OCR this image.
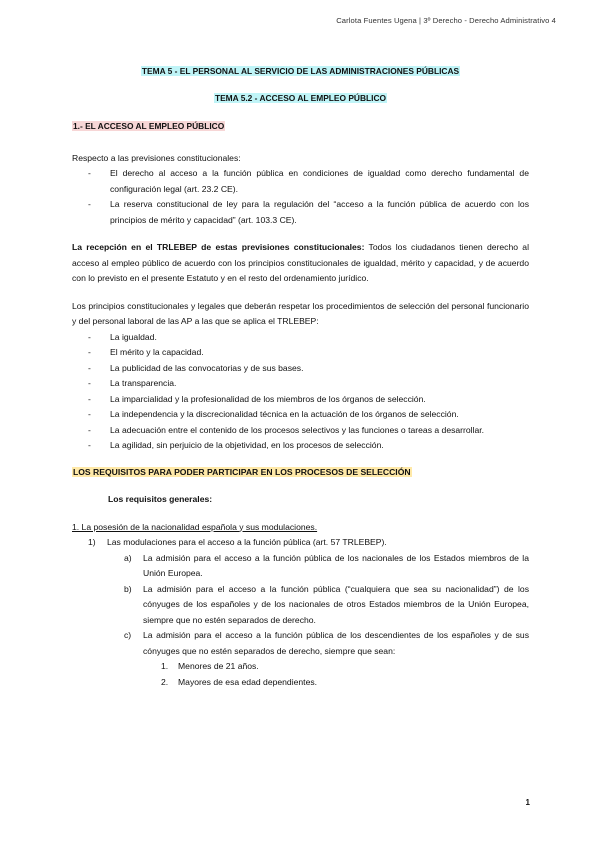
Carlota Fuentes Ugena | 3º Derecho - Derecho Administrativo 4
TEMA 5 - EL PERSONAL AL SERVICIO DE LAS ADMINISTRACIONES PÚBLICAS
TEMA 5.2 - ACCESO AL EMPLEO PÚBLICO
1.- EL ACCESO AL EMPLEO PÚBLICO

Respecto a las previsiones constitucionales:

- El derecho al acceso a la función pública en condiciones de igualdad como derecho fundamental de configuración legal (art. 23.2 CE).
- La reserva constitucional de ley para la regulación del “acceso a la función pública de acuerdo con los principios de mérito y capacidad” (art. 103.3 CE).

La recepción en el TRLEBEP de estas previsiones constitucionales: Todos los ciudadanos tienen derecho al acceso al empleo público de acuerdo con los principios constitucionales de igualdad, mérito y capacidad, y de acuerdo con lo previsto en el presente Estatuto y en el resto del ordenamiento jurídico.

Los principios constitucionales y legales que deberán respetar los procedimientos de selección del personal funcionario y del personal laboral de las AP a las que se aplica el TRLEBEP:

- La igualdad.
- El mérito y la capacidad.
- La publicidad de las convocatorias y de sus bases.
- La transparencia.
- La imparcialidad y la profesionalidad de los miembros de los órganos de selección.
- La independencia y la discrecionalidad técnica en la actuación de los órganos de selección.
- La adecuación entre el contenido de los procesos selectivos y las funciones o tareas a desarrollar.
- La agilidad, sin perjuicio de la objetividad, en los procesos de selección.
LOS REQUISITOS PARA PODER PARTICIPAR EN LOS PROCESOS DE SELECCIÓN
Los requisitos generales:
1. La posesión de la nacionalidad española y sus modulaciones.
1) Las modulaciones para el acceso a la función pública (art. 57 TRLEBEP).
a) La admisión para el acceso a la función pública de los nacionales de los Estados miembros de la Unión Europea.
b) La admisión para el acceso a la función pública (“cualquiera que sea su nacionalidad”) de los cónyuges de los españoles y de los nacionales de otros Estados miembros de la Unión Europea, siempre que no estén separados de derecho.
c) La admisión para el acceso a la función pública de los descendientes de los españoles y de sus cónyuges que no estén separados de derecho, siempre que sean:
1. Menores de 21 años.
2. Mayores de esa edad dependientes.
1
